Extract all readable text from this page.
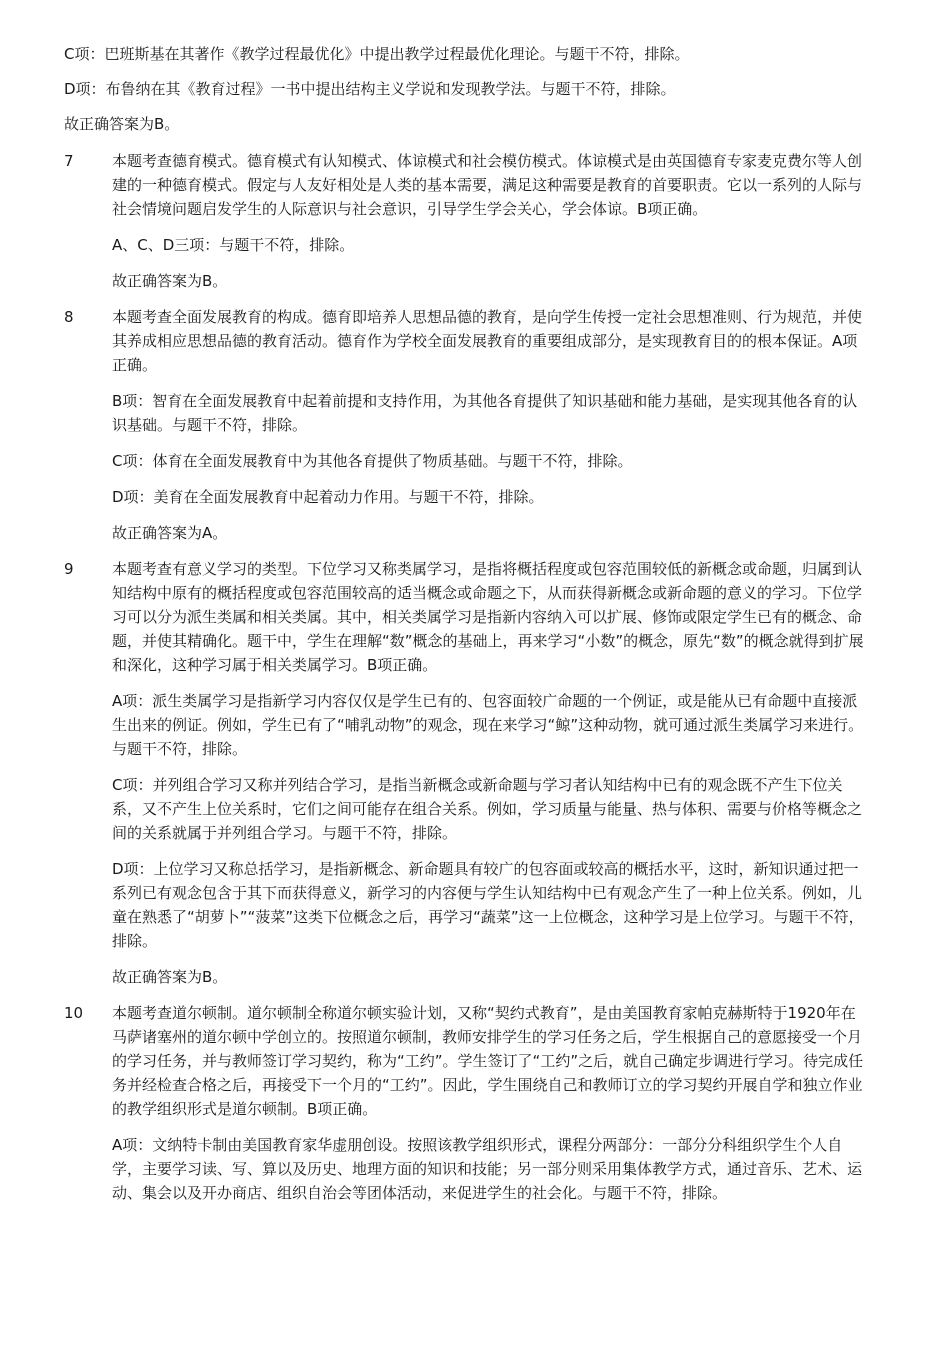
C项：巴班斯基在其著作《教学过程最优化》中提出教学过程最优化理论。与题干不符，排除。

D项：布鲁纳在其《教育过程》一书中提出结构主义学说和发现教学法。与题干不符，排除。

故正确答案为B。

7	本题考查德育模式。德育模式有认知模式、体谅模式和社会模仿模式。体谅模式是由英国德育专家麦克费尔等人创建的一种德育模式。假定与人友好相处是人类的基本需要，满足这种需要是教育的首要职责。它以一系列的人际与社会情境问题启发学生的人际意识与社会意识，引导学生学会关心，学会体谅。B项正确。

A、C、D三项：与题干不符，排除。

故正确答案为B。

8	本题考查全面发展教育的构成。德育即培养人思想品德的教育，是向学生传授一定社会思想准则、行为规范，并使其养成相应思想品德的教育活动。德育作为学校全面发展教育的重要组成部分，是实现教育目的的根本保证。A项正确。

B项：智育在全面发展教育中起着前提和支持作用，为其他各育提供了知识基础和能力基础，是实现其他各育的认识基础。与题干不符，排除。

C项：体育在全面发展教育中为其他各育提供了物质基础。与题干不符，排除。

D项：美育在全面发展教育中起着动力作用。与题干不符，排除。

故正确答案为A。

9	本题考查有意义学习的类型。下位学习又称类属学习，是指将概括程度或包容范围较低的新概念或命题，归属到认知结构中原有的概括程度或包容范围较高的适当概念或命题之下，从而获得新概念或新命题的意义的学习。下位学习可以分为派生类属和相关类属。其中，相关类属学习是指新内容纳入可以扩展、修饰或限定学生已有的概念、命题，并使其精确化。题干中，学生在理解“数”概念的基础上，再来学习“小数”的概念，原先“数”的概念就得到扩展和深化，这种学习属于相关类属学习。B项正确。

A项：派生类属学习是指新学习内容仅仅是学生已有的、包容面较广命题的一个例证，或是能从已有命题中直接派生出来的例证。例如，学生已有了“哺乳动物”的观念，现在来学习“鲸”这种动物，就可通过派生类属学习来进行。与题干不符，排除。

C项：并列组合学习又称并列结合学习，是指当新概念或新命题与学习者认知结构中已有的观念既不产生下位关系，又不产生上位关系时，它们之间可能存在组合关系。例如，学习质量与能量、热与体积、需要与价格等概念之间的关系就属于并列组合学习。与题干不符，排除。

D项：上位学习又称总括学习，是指新概念、新命题具有较广的包容面或较高的概括水平，这时，新知识通过把一系列已有观念包含于其下而获得意义，新学习的内容便与学生认知结构中已有观念产生了一种上位关系。例如，儿童在熟悉了“胡萝卜”“菠菜”这类下位概念之后，再学习“蔬菜”这一上位概念，这种学习是上位学习。与题干不符，排除。

故正确答案为B。

10	本题考查道尔顿制。道尔顿制全称道尔顿实验计划，又称“契约式教育”，是由美国教育家帕克赫斯特于1920年在马萨诸塞州的道尔顿中学创立的。按照道尔顿制，教师安排学生的学习任务之后，学生根据自己的意愿接受一个月的学习任务，并与教师签订学习契约，称为“工约”。学生签订了“工约”之后，就自己确定步调进行学习。待完成任务并经检查合格之后，再接受下一个月的“工约”。因此，学生围绕自己和教师订立的学习契约开展自学和独立作业的教学组织形式是道尔顿制。B项正确。

A项：文纳特卡制由美国教育家华虚朋创设。按照该教学组织形式，课程分两部分：一部分分科组织学生个人自学，主要学习读、写、算以及历史、地理方面的知识和技能；另一部分则采用集体教学方式，通过音乐、艺术、运动、集会以及开办商店、组织自治会等团体活动，来促进学生的社会化。与题干不符，排除。
